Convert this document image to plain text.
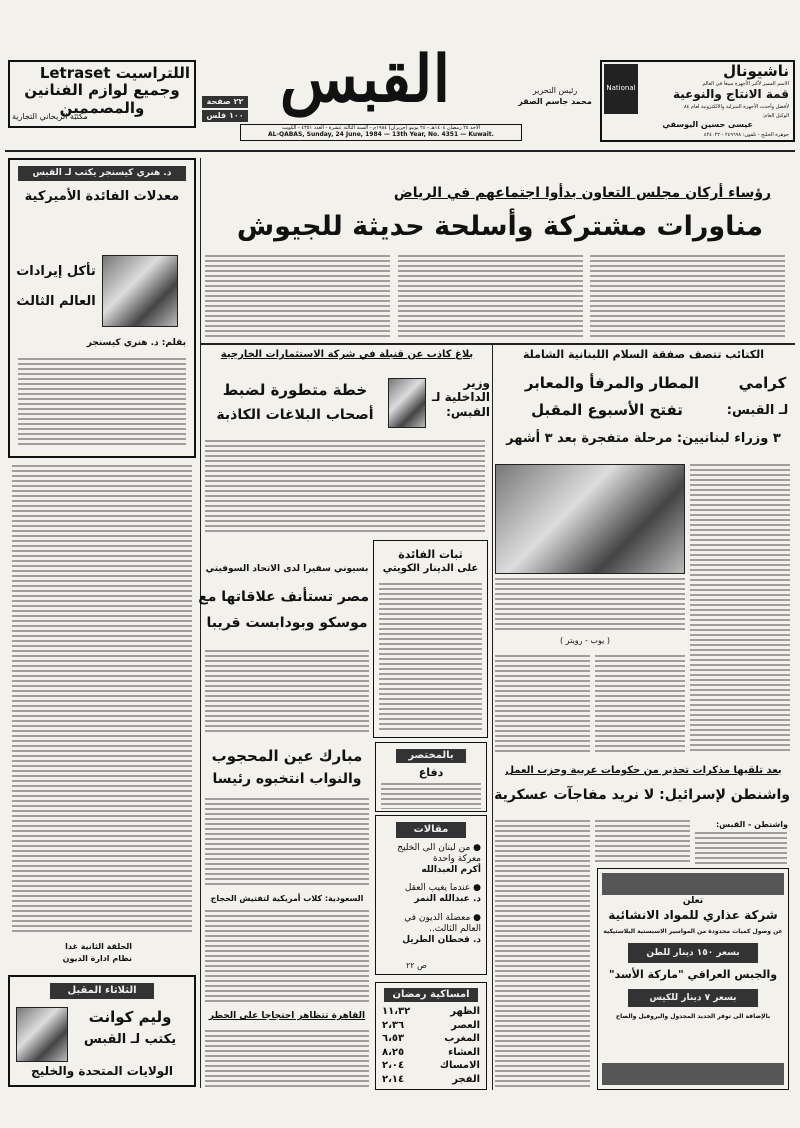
اللتراسيت Letraset
وجميع لوازم الفنانين
والمصممين
مكتبة الريحاني التجارية	القبس
٢٢ صفحة
١٠٠ فلس
رئيس التحرير
محمد جاسم الصقر
الاحد ٢٤ رمضان ١٤٠٤هـ - ٢٤ يونيو (حزيران) ١٩٨٤م - السنة الثالثة عشرة - العدد ٤٣٥١ - الكويت
AL-QABAS, Sunday, 24 June, 1984 — 13th Year, No. 4351 — Kuwait.
National
ناشيونال
الاسم المميز لأكبر الأجهزة مبيعا في العالم
قمة الانتاج والنوعية
لأفضل وأحدث الأجهزة المنزلية والالكترونية لعام ٨٤
الوكيل العام:
عيسى حسين اليوسفي
جوهرة الخليج - تلفون: ٢٤٩٦٩٨ - ٤٢٤٠٢٢
د. هنري كيسنجر يكتب لـ القبس
معدلات الفائدة الأميركية
تأكل إيرادات
العالم الثالث
بقلم: د. هنري كيسنجر
الحلقة الثانية غدا
نظام ادارة الديون
الثلاثاء المقبل
وليم كوانت
يكتب لـ القبس
الولايات المتحدة والخليج
رؤساء أركان مجلس التعاون بدأوا اجتماعهم في الرياض
مناورات مشتركة وأسلحة حديثة للجيوش
الكتائب تتصف صفقة السلام اللبنانية الشاملة
كرامي
المطار والمرفأ والمعابر
لـ القبس:
تفتح الأسبوع المقبل
٣ وزراء لبنانيين: مرحلة متفجرة بعد ٣ أشهر
( يوب - رويتر )
بلاغ كاذب عن قنبلة في شركة الاستثمارات الخارجية
وزير الداخلية لـ القبس:
خطة متطورة لضبط
أصحاب البلاغات الكاذبة
ثبات الفائدة
على الدينار الكويتي
بسيوني سفيرا لدى الاتحاد السوفيتي
مصر تستأنف علاقاتها مع
موسكو وبودابست قريبا
مبارك عين المحجوب
والنواب انتخبوه رئيسا
السعودية: كلاب أمريكية لتفتيش الحجاج
القاهرة تتظاهر احتجاجا على الحظر
بالمختصر
دفاع
مقالات
● من لبنان الى الخليج معركة واحدة
أكرم العبدالله
● عندما يغيب العقل
د. عبدالله النمر
● معضلة الديون في العالم الثالث..
د. قحطان الطريل
ص ٢٢
امساكية رمضان
الظهر
١١،٣٢
العصر
٢،٣٦
المغرب
٦،٥٣
العشاء
٨،٢٥
الامساك
٢،٠٤
الفجر
٢،١٤
بعد تلقيها مذكرات تحذير من حكومات عربية وحزب العمل
واشنطن لإسرائيل: لا نريد مفاجآت عسكرية
واشنطن - القبس:
تعلن
شركة عذاري للمواد الانشائية
عن وصول كميات محدودة من المواسير الاسبستية البلاستيكية
بسعر ١٥٠ دينار للطن
والجبس العراقي "ماركة الأسد"
بسعر ٧ دينار للكيس
بالإضافة الى توفر الحديد المجدول والبروفيل والصاج
